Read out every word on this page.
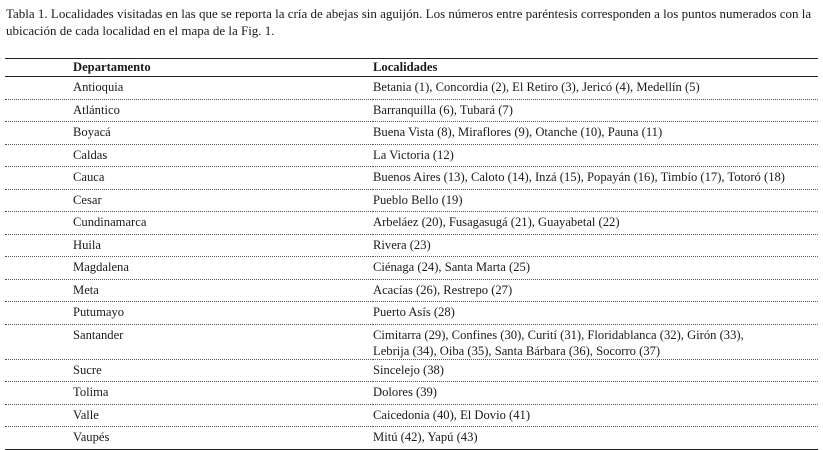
Tabla 1. Localidades visitadas en las que se reporta la cría de abejas sin aguijón. Los números entre paréntesis corresponden a los puntos numerados con la ubicación de cada localidad en el mapa de la Fig. 1.

Departamento	Localidades
Antioquia	Betania (1), Concordia (2), El Retiro (3), Jericó (4), Medellín (5)

Atlántico	Barranquilla (6), Tubará (7)

Boyacá	Buena Vista (8), Miraflores (9), Otanche (10), Pauna (11)

Caldas	La Victoria (12)

Cauca	Buenos Aires (13), Caloto (14), Inzá (15), Popayán (16), Timbío (17), Totoró (18)

Cesar	Pueblo Bello (19)

Cundinamarca	Arbeláez (20), Fusagasugá (21), Guayabetal (22)

Huila	Rivera (23)

Magdalena	Ciénaga (24), Santa Marta (25)

Meta	Acacías (26), Restrepo (27)

Putumayo	Puerto Asís (28)

Santander	Cimitarra (29), Confines (30), Curití (31), Floridablanca (32), Girón (33),
Lebrija (34), Oiba (35), Santa Bárbara (36), Socorro (37)

Sucre	Sincelejo (38)

Tolima	Dolores (39)

Valle	Caicedonia (40), El Dovio (41)

Vaupés	Mitú (42), Yapú (43)
